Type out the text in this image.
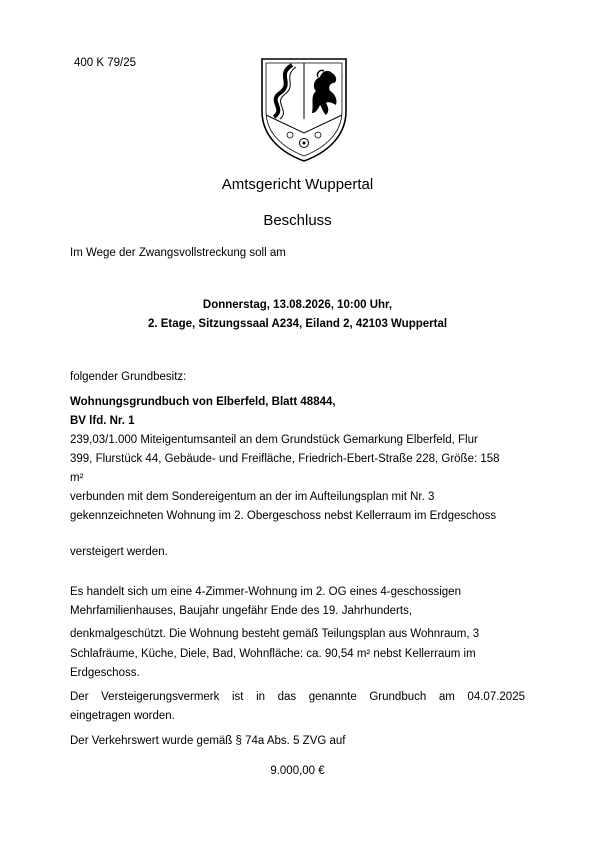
400 K 79/25
Amtsgericht Wuppertal
Beschluss
Im Wege der Zwangsvollstreckung soll am
Donnerstag, 13.08.2026, 10:00 Uhr,
2. Etage, Sitzungssaal A234, Eiland 2, 42103 Wuppertal
folgender Grundbesitz:
Wohnungsgrundbuch von Elberfeld, Blatt 48844,
BV lfd. Nr. 1
239,03/1.000 Miteigentumsanteil an dem Grundstück Gemarkung Elberfeld, Flur
399, Flurstück 44, Gebäude- und Freifläche, Friedrich-Ebert-Straße 228, Größe: 158
m²
verbunden mit dem Sondereigentum an der im Aufteilungsplan mit Nr. 3
gekennzeichneten Wohnung im 2. Obergeschoss nebst Kellerraum im Erdgeschoss
versteigert werden.
Es handelt sich um eine 4-Zimmer-Wohnung im 2. OG eines 4-geschossigen
Mehrfamilienhauses, Baujahr ungefähr Ende des 19. Jahrhunderts,
denkmalgeschützt. Die Wohnung besteht gemäß Teilungsplan aus Wohnraum, 3
Schlafräume, Küche, Diele, Bad, Wohnfläche: ca. 90,54 m² nebst Kellerraum im
Erdgeschoss.
Der Versteigerungsvermerk ist in das genannte Grundbuch am 04.07.2025
eingetragen worden.
Der Verkehrswert wurde gemäß § 74a Abs. 5 ZVG auf
9.000,00 €
